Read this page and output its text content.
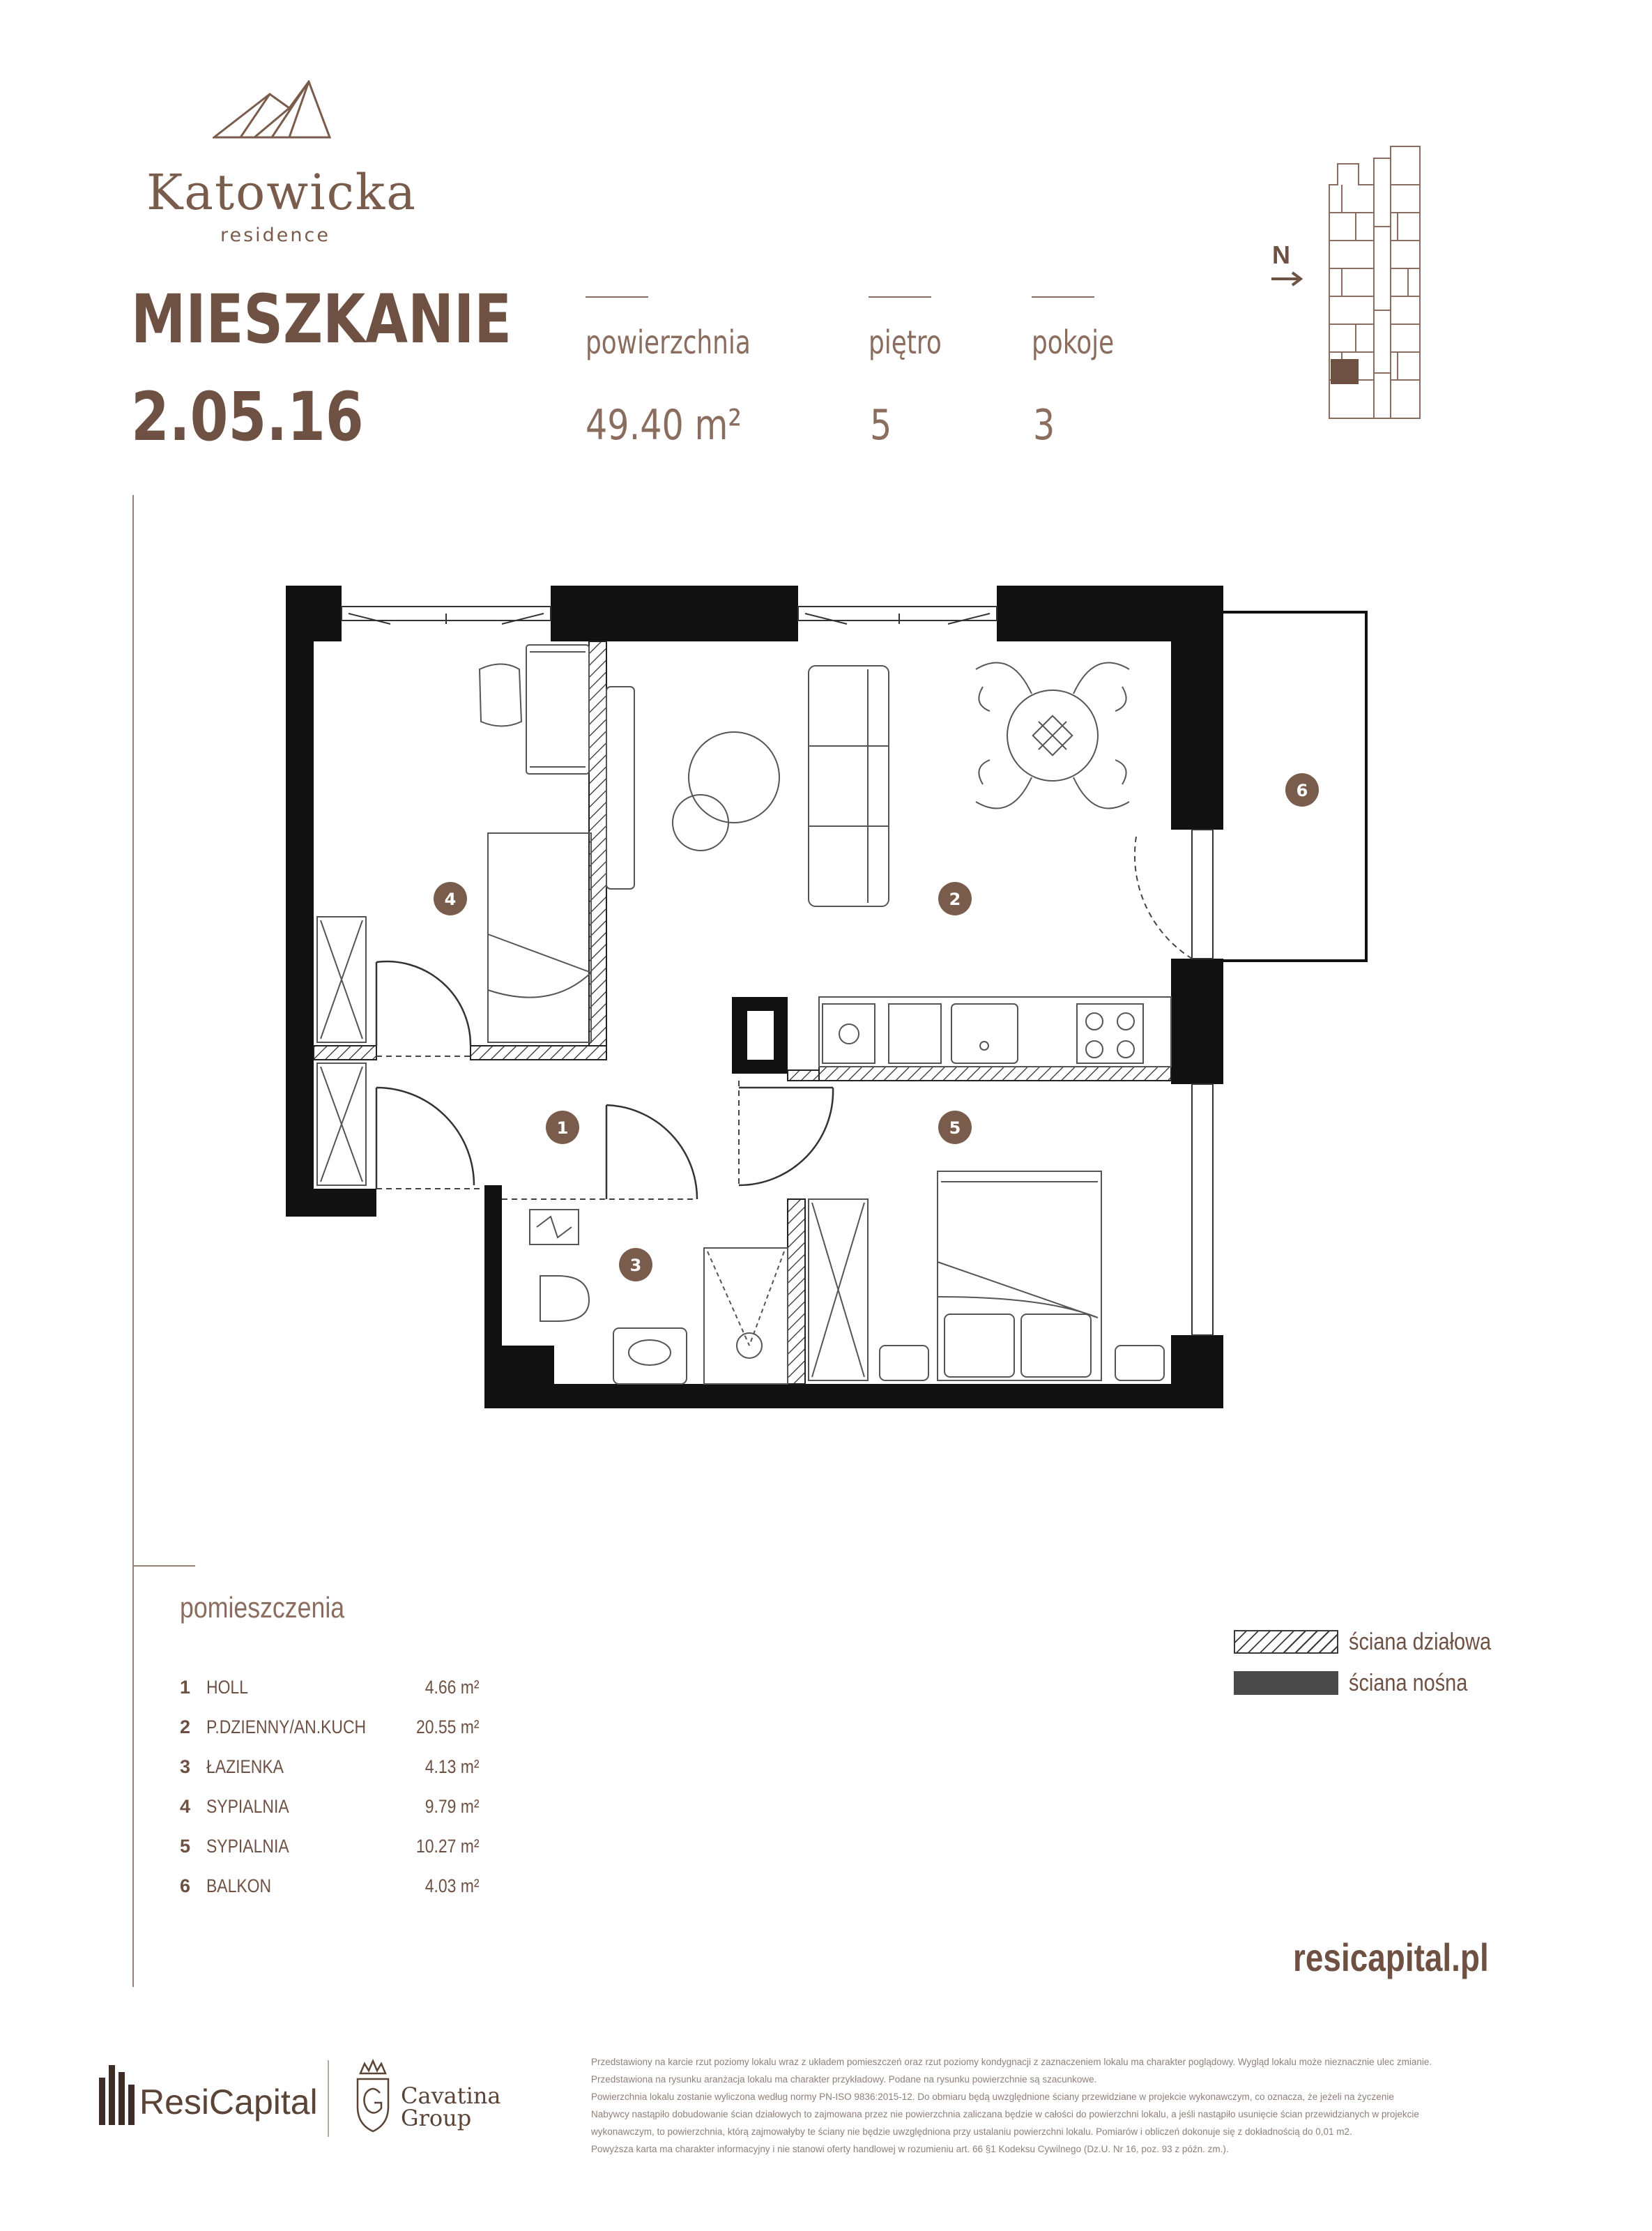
Katowicka
residence
MIESZKANIE
2.05.16
powierzchnia
49.40 m²
piętro
5
pokoje
3
N
1
2
3
4
5
6
pomieszczenia
1 HOLL	4.66 m²
2 P.DZIENNY/AN.KUCH	20.55 m²
3 ŁAZIENKA	4.13 m²
4 SYPIALNIA	9.79 m²
5 SYPIALNIA	10.27 m²
6 BALKON	4.03 m²
ściana działowa
ściana nośna
resicapital.pl
ResiCapital	Cavatina
Group

Przedstawiony na karcie rzut poziomy lokalu wraz z układem pomieszczeń oraz rzut poziomy kondygnacji z zaznaczeniem lokalu ma charakter poglądowy. Wygląd lokalu może nieznacznie ulec zmianie.

Przedstawiona na rysunku aranżacja lokalu ma charakter przykładowy. Podane na rysunku powierzchnie są szacunkowe.

Powierzchnia lokalu zostanie wyliczona według normy PN-ISO 9836:2015-12. Do obmiaru będą uwzględnione ściany przewidziane w projekcie wykonawczym, co oznacza, że jeżeli na życzenie

Nabywcy nastąpiło dobudowanie ścian działowych to zajmowana przez nie powierzchnia zaliczana będzie w całości do powierzchni lokalu, a jeśli nastąpiło usunięcie ścian przewidzianych w projekcie

wykonawczym, to powierzchnia, którą zajmowałyby te ściany nie będzie uwzględniona przy ustalaniu powierzchni lokalu. Pomiarów i obliczeń dokonuje się z dokładnością do 0,01 m2.

Powyższa karta ma charakter informacyjny i nie stanowi oferty handlowej w rozumieniu art. 66 §1 Kodeksu Cywilnego (Dz.U. Nr 16, poz. 93 z późn. zm.).
